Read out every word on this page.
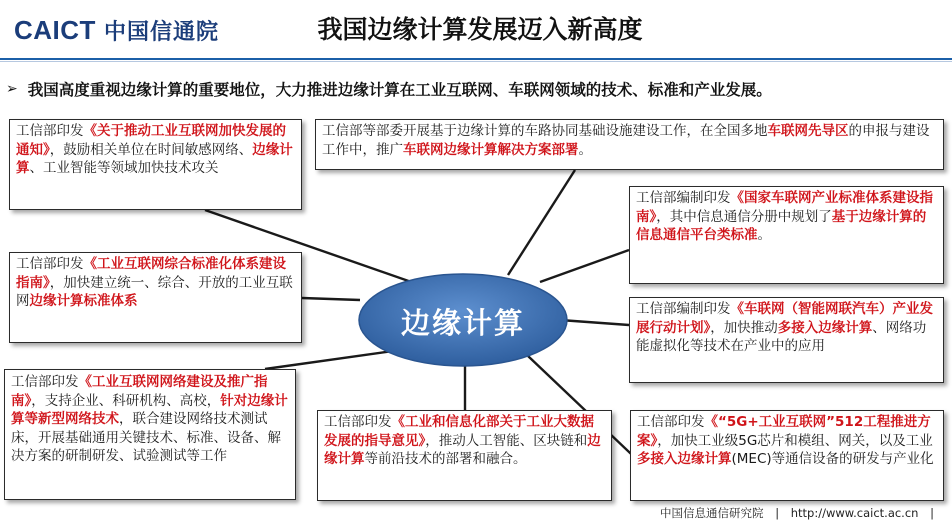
CAICT 中国信通院	我国边缘计算发展迈入新高度
➢ 我国高度重视边缘计算的重要地位，大力推进边缘计算在工业互联网、车联网领域的技术、标准和产业发展。
边缘计算
工信部印发《关于推动工业互联网加快发展的通知》，鼓励相关单位在时间敏感网络、边缘计算、工业智能等领域加快技术攻关
工信部等部委开展基于边缘计算的车路协同基础设施建设工作，在全国多地车联网先导区的申报与建设工作中，推广车联网边缘计算解决方案部署。
工信部编制印发《国家车联网产业标准体系建设指南》，其中信息通信分册中规划了基于边缘计算的信息通信平台类标准。
工信部印发《工业互联网综合标准化体系建设指南》，加快建立统一、综合、开放的工业互联网边缘计算标准体系	工信部编制印发《车联网（智能网联汽车）产业发展行动计划》，加快推动多接入边缘计算、网络功能虚拟化等技术在产业中的应用
工信部印发《工业互联网网络建设及推广指南》，支持企业、科研机构、高校，针对边缘计算等新型网络技术，联合建设网络技术测试床，开展基础通用关键技术、标准、设备、解决方案的研制研发、试验测试等工作
工信部印发《工业和信息化部关于工业大数据发展的指导意见》，推动人工智能、区块链和边缘计算等前沿技术的部署和融合。
工信部印发《“5G+工业互联网”512工程推进方案》，加快工业级5G芯片和模组、网关，以及工业多接入边缘计算(MEC)等通信设备的研发与产业化
中国信息通信研究院 | http://www.caict.ac.cn |
